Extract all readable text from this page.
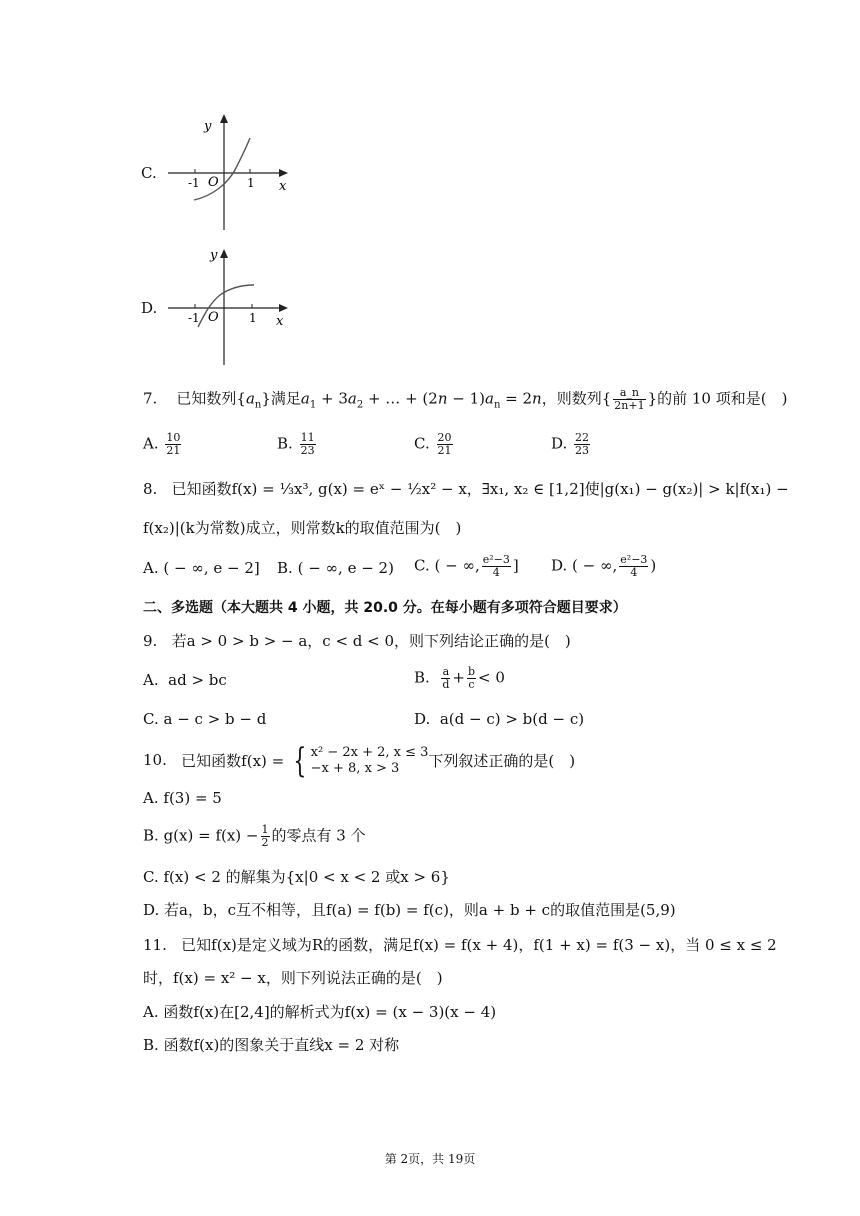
C.
y
x
O
-1	1
D.
y
x
O
-1	1
7. 已知数列$\{a_n\}$满足$a_1 + 3a_2$ + … + $(2n - 1)a_n = 2n$，则数列{ $\frac{a\_n}{2n+1}$ }的前 10 项和是(　)
A. $\frac{10}{21}$	B. $\frac{11}{23}$	C. $\frac{20}{21}$	D. $\frac{22}{23}$
8. 已知函数f(x) = ⅓x³, g(x) = eˣ − ½x² − x，∃x₁, x₂ ∈ [1,2]使|g(x₁) − g(x₂)| > k|f(x₁) −
f(x₂)|(k为常数)成立，则常数k的取值范围为(　)
A. ( − ∞, e − 2] B. ( − ∞, e − 2) C. ( − ∞, $\frac{\text{e²−3}}{4}$ ] D. ( − ∞, $\frac{\text{e²−3}}{4}$ )
二、多选题（本大题共 4 小题，共 20.0 分。在每小题有多项符合题目要求）
9. 若a > 0 > b > − a，c < d < 0，则下列结论正确的是(　)
A. ad > bc	B. $\frac{a}{d} + \frac{b}{c} < 0$
C. a − c > b − d	D. a(d − c) > b(d − c)
10. 已知函数f(x) = { x² − 2x + 2, x ≤ 3
−x + 8, x > 3	下列叙述正确的是(　)
A. f(3) = 5
B. $g(x) = f(x) - \frac{1}{2}$ 的零点有 3 个
C. f(x) < 2 的解集为{x|0 < x < 2 或x > 6}
D. 若a，b，c互不相等，且f(a) = f(b) = f(c)，则a + b + c的取值范围是(5,9)
11. 已知f(x)是定义域为R的函数，满足f(x) = f(x + 4)，f(1 + x) = f(3 − x)，当 0 ≤ x ≤ 2
时，f(x) = x² − x，则下列说法正确的是(　)
A. 函数f(x)在[2,4]的解析式为f(x) = (x − 3)(x − 4)
B. 函数f(x)的图象关于直线x = 2 对称
第 2页，共 19页
